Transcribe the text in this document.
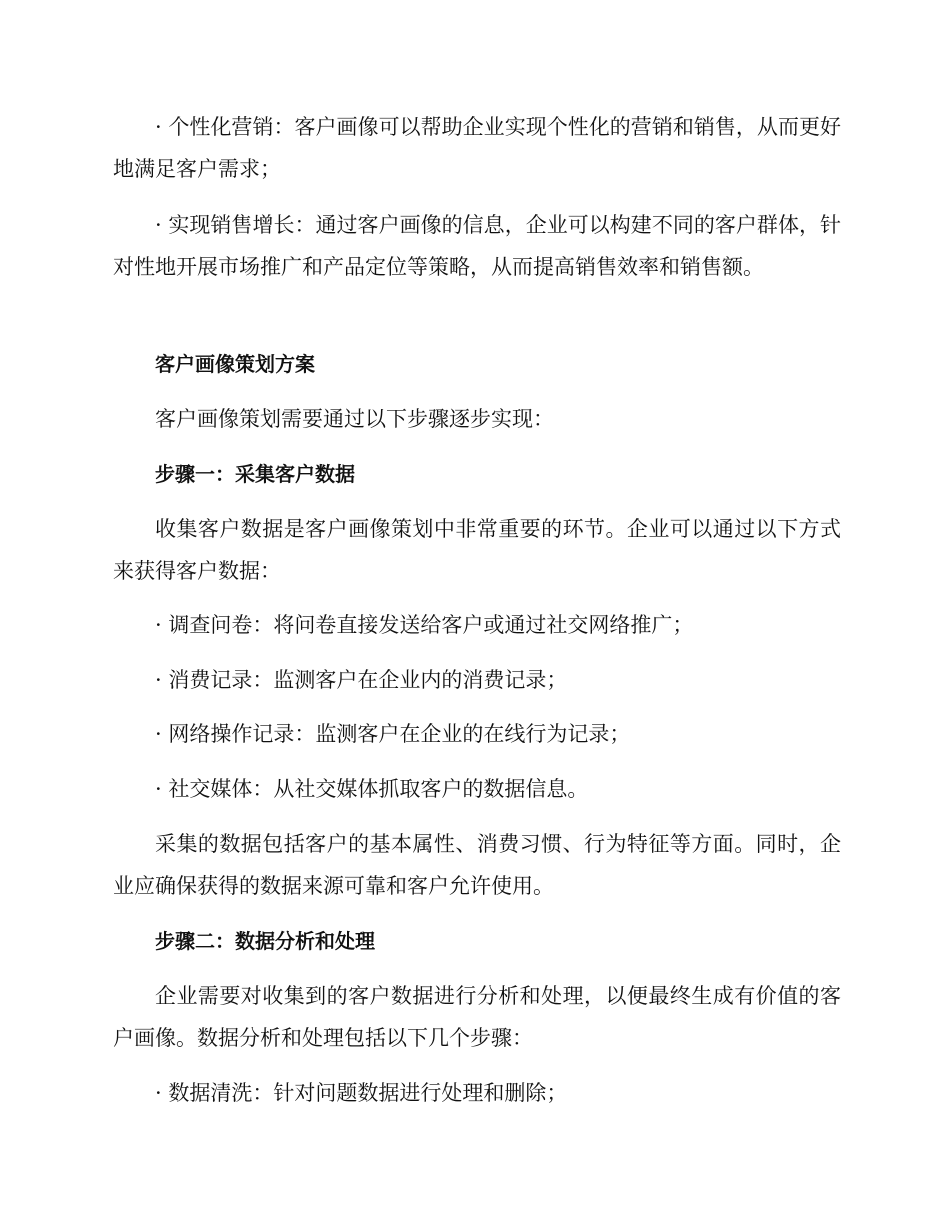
· 个性化营销：客户画像可以帮助企业实现个性化的营销和销售，从而更好地满足客户需求；

· 实现销售增长：通过客户画像的信息，企业可以构建不同的客户群体，针对性地开展市场推广和产品定位等策略，从而提高销售效率和销售额。

客户画像策划方案

客户画像策划需要通过以下步骤逐步实现：

步骤一：采集客户数据

收集客户数据是客户画像策划中非常重要的环节。企业可以通过以下方式来获得客户数据：

· 调查问卷：将问卷直接发送给客户或通过社交网络推广；

· 消费记录：监测客户在企业内的消费记录；

· 网络操作记录：监测客户在企业的在线行为记录；

· 社交媒体：从社交媒体抓取客户的数据信息。

采集的数据包括客户的基本属性、消费习惯、行为特征等方面。同时，企业应确保获得的数据来源可靠和客户允许使用。

步骤二：数据分析和处理

企业需要对收集到的客户数据进行分析和处理，以便最终生成有价值的客户画像。数据分析和处理包括以下几个步骤：

· 数据清洗：针对问题数据进行处理和删除；
